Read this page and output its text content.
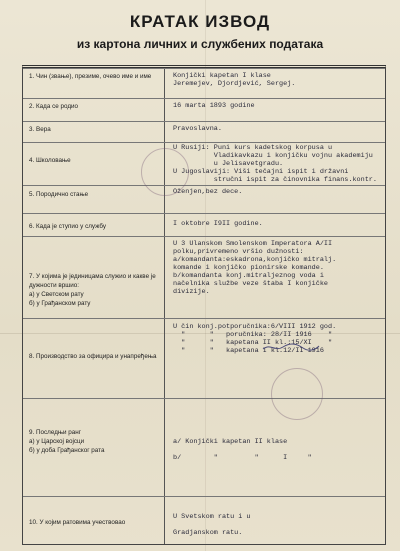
КРАТАК ИЗВОД
из картона личних и службених података
1. Чин (звање), презиме, очево име и име	Konjički kapetan I klase
Jeremejev, Djordjević, Sergej.
2. Када се родио	16 marta 1893 godine
3. Вера	Pravoslavna.
4. Школовање
U Rusiji: Puni kurs kadetskog korpusa u
Vladikavkazu i konjičku vojnu akademiju
u Jelisavetgradu.
U Jugoslaviji: Viši tečajni ispit i državni
stručni ispit za činovnika finans.kontr.
5. Породично стање	Oženjen,bez dece.
6. Када је ступио у службу	I oktobre I9II godine.
7. У којима је јединицама служио и какве је дужности вршио:
а) у Светском рату
б) у Грађанском рату
U 3 Ulanskom Smolenskom Imperatora A/II
polku,privremeno vršio dužnosti:
a/komandanta:eskadrona,konjičko mitralj.
komande i konjičko pionirske komande.
b/komandanta konj.mitraljeznog voda i
načelnika službe veze štaba I konjičke
divizije.
8. Производство за официра и унапређења
U čin konj.potporučnika:6/VIII 1912 god.
"      "   poručnika: 28/II 1916    "
"      "   kapetana II kl.:15/XI    "
"      "   kapetana I kl.12/II 1916
9. Последњи ранг
а) у Царској војсци
б) у доба Грађанског рата
a/ Konjički kapetan II klase

b/        "         "      I     "
10. У којим ратовима учествовао
U Svetskom ratu i u

Gradjanskom ratu.
